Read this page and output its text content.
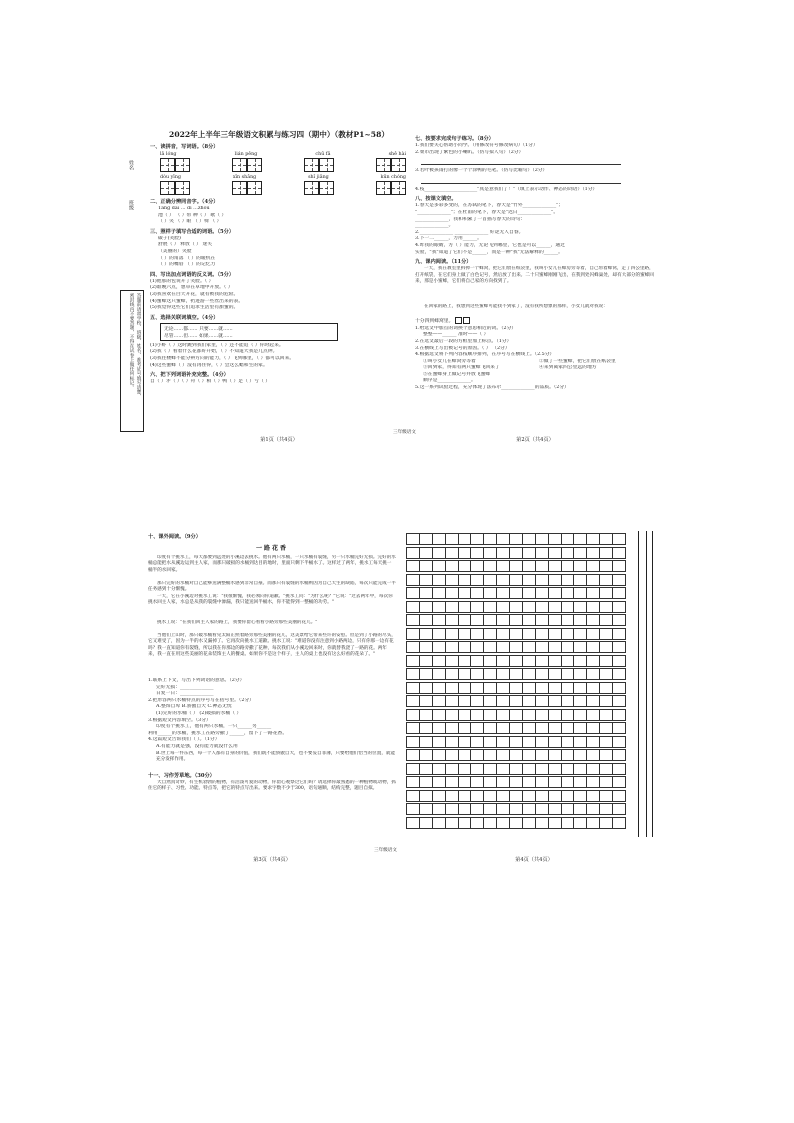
姓名
班级
答题前请将学校、班级、姓名、准考证号填写清楚，
密封线内不要答题，不得在试卷上做任何标记。
2022年上半年三年级语文积累与练习四（期中）（教材P1~58）
一、读拼音，写词语。（8分）
lā lóng	lián pěng	chū fā	shě hài
dòu yīng	xīn shǎng	shǐ jiāng	kūn chóng
二、正确分辨同音字。（4分）
Tāng dài … dǐ …zhōu
池（ ） （ ）带 种（ ） 歌（ ）
（ ）笑 （ ）眼 （ ）椅 （ ）
三、照样子填写合适的词语。（5分）
碳子(笑脸)
舒展（ ） 释放（ ） 迷失
（美丽的）笑脸
（ ）的角落 （ ）的暖机在
（ ）的嘴唇 （ ）的记忆力
四、写出加点词语的反义词。（5分）
(1)他那的包说开了笑脸。（ ）
(2)谁晚六点，想草在草地中开放。（ ）
(3)我喜欢在白天开花，就有被我的危险。
(4)蜜蜂这只蜜蜂，扔进游一些丝出来的表。
(5)我觉得这些它们追求生活里有甜蜜的。
五、选择关联词填空。（4分）
无论……都…… 只要……就……
尽管……但…… 如果……就……
(1)小虾（ ）这时跳到我们家里，（ ）还不能追（ ）你时起来。
(2)我（ ）看着什么花都好开始，（ ）不知道大我是几点钟。
(3)我往楼蜂不能分辨方向的能力，（ ）飞到哪里，（ ）都可以回来。
(4)这些蜜蜂（ ）没有再住得，（ ）会这么蜡和生的家。
六、把下列词语补充完整。（4分）
自（ ）矛（ ）（ ）舟（ ）相（ ）鸭（ ）足（ ）亏（ ）
第1页（共4页）
七、按要求完成句子练习。（8分）
1.我们要关心帮助小同学。（用修改符号修改病句）（1分）
2.菜市出现了紫色的小喇叭。（仿写拟人句）（2分）
3.若叶被孩雨打的像一个个涂鸭的毛笔。（仿写比喻句）（2分）
4.枝______________________"真是意我们了！"（填上表示动作、神态的词语）（1分）
八、按课文填空。
1.春天是多彩多变的，在苏轼的笔下，春天是"竹外______________"；
"______________"；在杜甫的笔下，春天是"迟日______________"。
______________，我和积累了一首描写春天的诗句：
______________。
2.______________ ______________ 好逑无人自眷。
3.下一二______，力用______。
4.昨我的眼睛，方（ ）能力，无论飞到哪里，它也是可以______，通过
实验，"我"知道了它们不是______，而是一种"我"无法解释的______。
九、课内阅读。（11分）
一天，我在教室里拆掉一个蜂窝，把它们放在纸袋里，我叫小女儿在蜂房旁等着，自己带着蜂窝，走了四公里路，打开纸袋，在它们身上做了白色记号，然后放了出来。二十只蜜蜂刚刚飞出，在我到处闪蜂巢处，却有大部分的蜜蜂回来，那是小蜜蜂，它们将自己家的方向找到了。
在回家的路上，我想到这些蜜蜂可能找不到家了，没有我所想象的那样，小女儿就对我说：
十分四到蜂窝里。
1.给选文中加点的词换个意思相近的词。（2分）
整整——______ 准时——（ ）
2.在选文最后一段的方框里加上标点。（1分）
3.在横线上写出被记号的原因。（ ） （2分）
4.根据选文将下列内容按顺序排列，在序号写在横线上。（2.5分）
①叫小女儿在蜂窝旁等着	②做了一些蜜蜂，把它们放在纸袋里
③回到家，得知有两只蜜蜂飞回来了	④来到离家四公里远的地方
⑤在蜜蜂身上做记号并放飞蜜蜂
顺序是______________。
5.这一系列试验过程，充分体现了法布尔______________的品质。（2分）
第2页（共4页）
三年级语文
十、课外阅读。（9分）
一路花香
印度有个挑水工，每天都要到远处的小溪边去挑水。他有两只水桶，一只水桶有裂缝，另一只水桶完好无损。完好的水桶总能把水从溪边运到主人家，而那只破损的水桶到达目的地时，里面只剩下半桶水了。这样过了两年，挑水工每天挑一桶半的水回家。
那只完好的水桶对自己能够送满整桶水感到非常自豪。而那只有裂缝的水桶则因为自己天生的缺陷，每次只能完成一半任务感到十分惭愧。
一天，它在小溪边对挑水工说："我很惭愧，我必须向你道歉。"挑水工问："为什么呢？"它说："过去两年中，每次你挑水回主人家，水总是从我的裂缝中渗漏，我只能送回半桶水，你不能得到一整桶的功劳。"
挑水工说："在我们回主人家的路上，我要你留心看看小路旁那些美丽的花儿。"
当他们上山时，那只破水桶看见太阳正照着路旁那些美丽的花儿，这美景给它带来些许的安慰。但是到了小路的尽头，它又难受了，因为一半的水又漏掉了。它再次向挑水工道歉。挑水工说："难道你没有注意到小路两边，只有你那一边有花吗？我一直知道你有裂缝，所以我在你那边的路旁撒了花种，每次我们从小溪边回来时，你就替我浇了一路的花。两年来，我一直在用这些美丽的花朵装饰主人的餐桌。如果你不是这个样子，主人的桌上也没有这么好看的花朵了。"
1.联系上下文，写出下列词语的意思。（2分）
完好无损：______________
日复一日：______________
2.把形容两只水桶特点的序号写在括号里。（2分）
A.整饰自卑 B.骄傲自大 C.神态无忧
(1)完好的水桶（ ） (2)破损的水桶（ ）
3.根据短文内容填空。（3分）
印度有个挑水工，他有两只水桶，一只______另______
利用______的水桶，挑水工在路旁撒了______，留下了一路花香。
4.这篇短文告诉我们（ ）。（1分）
A.有能力就是强，没有能力就没什么用
B.世上每一件东西，每一个人都有自身的价值，我们既不能骄傲自大，也不要妄自菲薄，只要给他们恰当的位置，就能充分发挥作用。
十一、习作芳草地。（30分）
大自然真奇妙，有生机勃勃的植物，有活泼可爱的动物，你留心观察过它们吗？请选择你最熟悉的一种植物或动物，抓住它的样子、习性、功能、特点等，把它的特点写出来。要求字数不少于300，语句通顺，结构完整，题目自拟。
第3页（共4页）
三年级语文
第4页（共4页）
